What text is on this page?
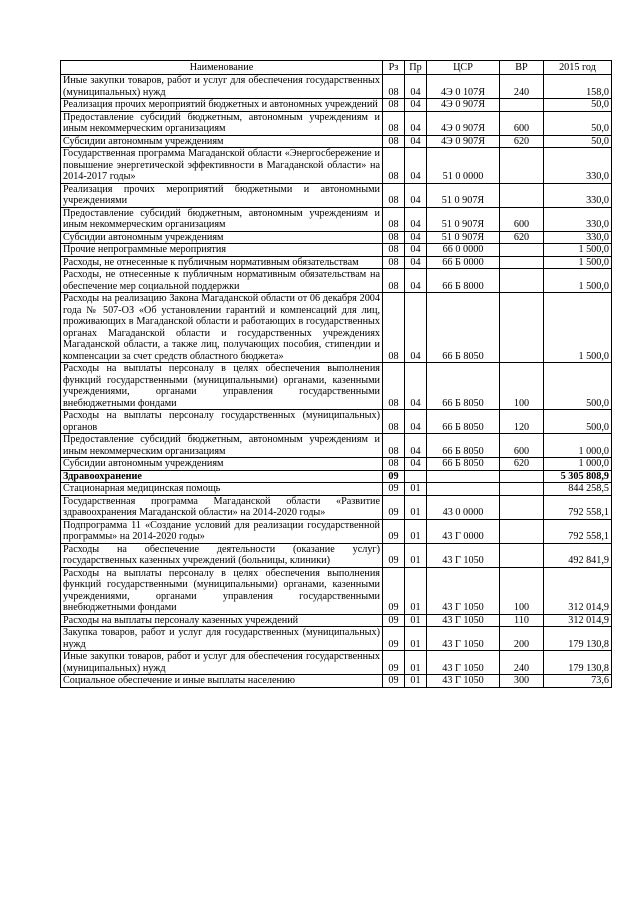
Наименование	Рз	Пр	ЦСР	ВР	2015 год
Иные закупки товаров, работ и услуг для обеспечения государственных (муниципальных) нужд	08	04	4Э 0 107Я	240	158,0
Реализация прочих мероприятий бюджетных и автономных учреждений	08	04	4Э 0 907Я		50,0
Предоставление субсидий бюджетным, автономным учреждениям и иным некоммерческим организациям	08	04	4Э 0 907Я	600	50,0
Субсидии автономным учреждениям	08	04	4Э 0 907Я	620	50,0
Государственная программа Магаданской области «Энергосбережение и повышение энергетической эффективности в Магаданской области» на 2014-2017 годы»	08	04	51 0 0000		330,0
Реализация прочих мероприятий бюджетными и автономными учреждениями	08	04	51 0 907Я		330,0
Предоставление субсидий бюджетным, автономным учреждениям и иным некоммерческим организациям	08	04	51 0 907Я	600	330,0
Субсидии автономным учреждениям	08	04	51 0 907Я	620	330,0
Прочие непрограммные мероприятия	08	04	66 0 0000		1 500,0
Расходы, не отнесенные к публичным нормативным обязательствам	08	04	66 Б 0000		1 500,0
Расходы, не отнесенные к публичным нормативным обязательствам на обеспечение мер социальной поддержки	08	04	66 Б 8000		1 500,0
Расходы на реализацию Закона Магаданской области от 06 декабря 2004 года № 507-ОЗ «Об установлении гарантий и компенсаций для лиц, проживающих в Магаданской области и работающих в государственных органах Магаданской области и государственных учреждениях Магаданской области, а также лиц, получающих пособия, стипендии и компенсации за счет средств областного бюджета»	08	04	66 Б 8050		1 500,0
Расходы на выплаты персоналу в целях обеспечения выполнения функций государственными (муниципальными) органами, казенными учреждениями, органами управления государственными внебюджетными фондами	08	04	66 Б 8050	100	500,0
Расходы на выплаты персоналу государственных (муниципальных) органов	08	04	66 Б 8050	120	500,0
Предоставление субсидий бюджетным, автономным учреждениям и иным некоммерческим организациям	08	04	66 Б 8050	600	1 000,0
Субсидии автономным учреждениям	08	04	66 Б 8050	620	1 000,0
Здравоохранение	09				5 305 808,9
Стационарная медицинская помощь	09	01			844 258,5
Государственная программа Магаданской области «Развитие здравоохранения Магаданской области» на 2014-2020 годы»	09	01	43 0 0000		792 558,1
Подпрограмма 11 «Создание условий для реализации государственной программы» на 2014-2020 годы»	09	01	43 Г 0000		792 558,1
Расходы на обеспечение деятельности (оказание услуг) государственных казенных учреждений (больницы, клиники)	09	01	43 Г 1050		492 841,9
Расходы на выплаты персоналу в целях обеспечения выполнения функций государственными (муниципальными) органами, казенными учреждениями, органами управления государственными внебюджетными фондами	09	01	43 Г 1050	100	312 014,9
Расходы на выплаты персоналу казенных учреждений	09	01	43 Г 1050	110	312 014,9
Закупка товаров, работ и услуг для государственных (муниципальных) нужд	09	01	43 Г 1050	200	179 130,8
Иные закупки товаров, работ и услуг для обеспечения государственных (муниципальных) нужд	09	01	43 Г 1050	240	179 130,8
Социальное обеспечение и иные выплаты населению	09	01	43 Г 1050	300	73,6
